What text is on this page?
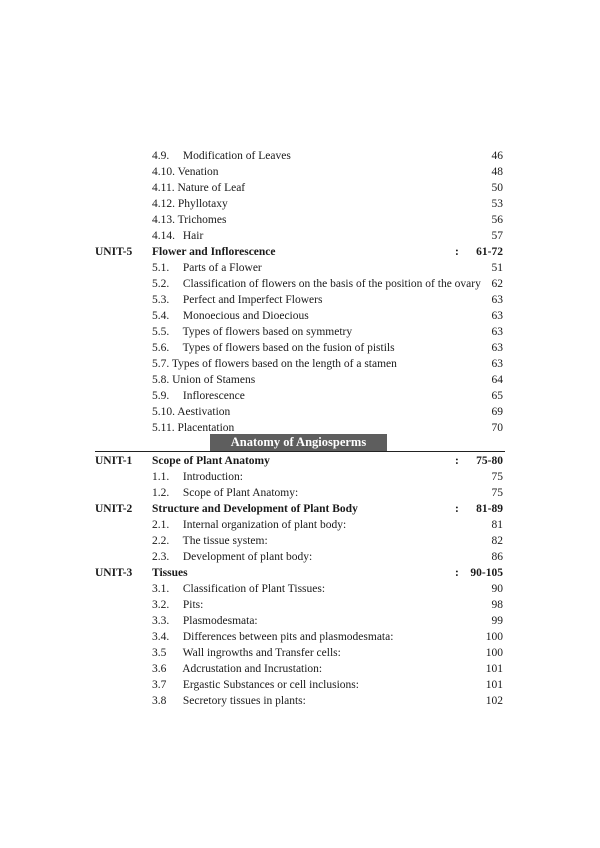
4.9. Modification of Leaves	46
4.10. Venation	48
4.11. Nature of Leaf	50
4.12. Phyllotaxy	53
4.13. Trichomes	56
4.14. Hair	57
UNIT-5 Flower and Inflorescence	: 61-72
5.1. Parts of a Flower	51
5.2. Classification of flowers on the basis of the position of the ovary 62
5.3. Perfect and Imperfect Flowers	63
5.4. Monoecious and Dioecious	63
5.5. Types of flowers based on symmetry	63
5.6. Types of flowers based on the fusion of pistils	63
5.7. Types of flowers based on the length of a stamen	63
5.8. Union of Stamens	64
5.9. Inflorescence	65
5.10. Aestivation	69
5.11. Placentation	70
Anatomy of Angiosperms
UNIT-1 Scope of Plant Anatomy	: 75-80
1.1. Introduction:	75
1.2. Scope of Plant Anatomy:	75
UNIT-2 Structure and Development of Plant Body	: 81-89
2.1. Internal organization of plant body:	81
2.2. The tissue system:	82
2.3. Development of plant body:	86
UNIT-3 Tissues	: 90-105
3.1. Classification of Plant Tissues:	90
3.2. Pits:	98
3.3. Plasmodesmata:	99
3.4. Differences between pits and plasmodesmata:	100
3.5 Wall ingrowths and Transfer cells:	100
3.6 Adcrustation and Incrustation:	101
3.7 Ergastic Substances or cell inclusions:	101
3.8 Secretory tissues in plants:	102
